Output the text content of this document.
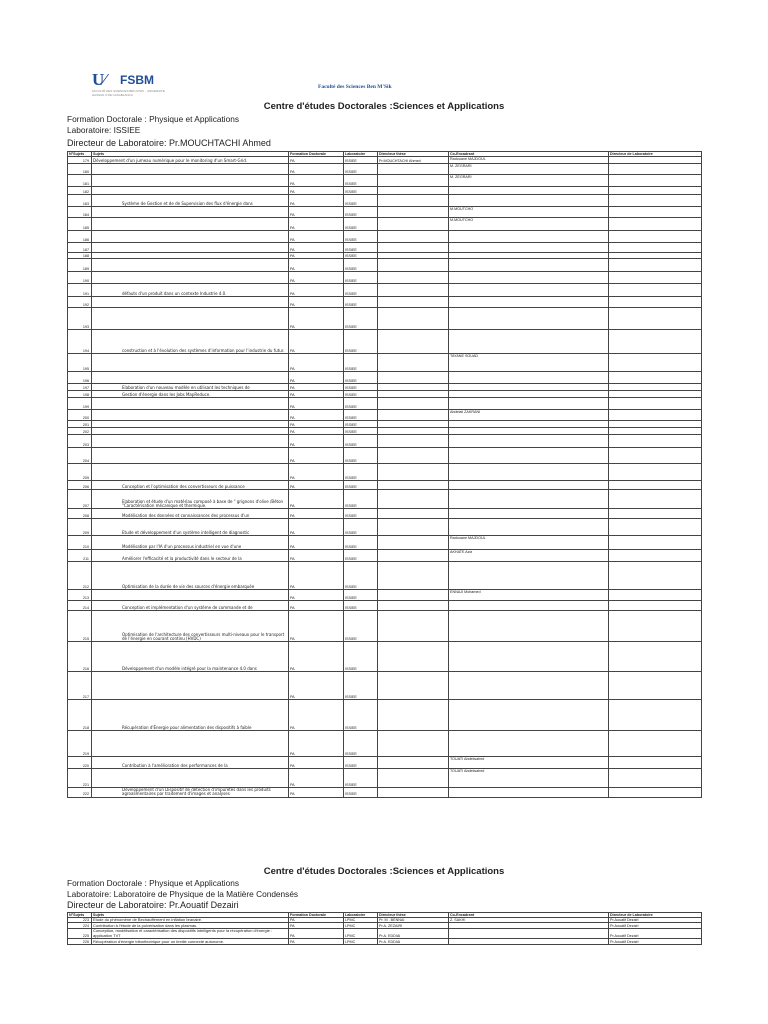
U⁄ FSBM
FACULTÉ DES SCIENCES BEN M'SIK · UNIVERSITÉ HASSAN II DE CASABLANCA
Faculté des Sciences Ben M'Sik
Centre d'études Doctorales :Sciences et Applications
Formation Doctorale : Physique et Applications
Laboratoire: ISSIEE
Directeur de Laboratoire: Pr.MOUCHTACHI Ahmed
N°Sujets	Sujets	Formation Doctorale	Laboratoire	Directeur thèse	Co-Encadrant	Directeur de Laboratoire
179	Développement d'un jumeau numérique pour le monitoring d'un Smart-Grid.	PA	ISSIEE	Pr.MOUCHTACHI Ahmed	Radouane MAJDOUL	
180		PA	ISSIEE		M. ZEGRARI	
181		PA	ISSIEE		M. ZEGRARI	
182		PA	ISSIEE			
183	Système de Gestion et de de Supervision des flux d'énergie dans	PA	ISSIEE			
184		PA	ISSIEE		M.MOUTCHO	
185		PA	ISSIEE		M.MOUTCHO	
186		PA	ISSIEE			
187		PA	ISSIEE			
188		PA	ISSIEE			
189		PA	ISSIEE			
190		PA	ISSIEE			
191	défauts d'un produit dans un contexte Industrie 4.0.	PA	ISSIEE			
192		PA	ISSIEE			
193		PA	ISSIEE			
194	construction et à l'évolution des systèmes d'information pour l'industrie du futur.	PA	ISSIEE			
195		PA	ISSIEE		TAYANE SOUAD	
196		PA	ISSIEE			
197	Elaboration d'un nouveau modèle en utilisant les techniques de	PA	ISSIEE			
198	Gestion d'énergie dans les Jobs MapReduce.	PA	ISSIEE			
199		PA	ISSIEE			
200		PA	ISSIEE		Abdelali ZAKRANI	
201		PA	ISSIEE			
202		PA	ISSIEE			
203		PA	ISSIEE			
204		PA	ISSIEE			
205		PA	ISSIEE			
206	Conception et l'optimisation des convertisseurs de puissance	PA	ISSIEE			
207	Elaboration et étude d'un matériau composé à base de " grignons d'olive /Béton "Caractérisation mécanique et thermique.	PA	ISSIEE			
208	Modélisation des données et connaissances des processus d'un	PA	ISSIEE			
209	Etude et développement d'un système intelligent de diagnostic	PA	ISSIEE			
210	Modélisation par l'IA d'un processus industriel en vue d'une	PA	ISSIEE		Radouane MAJDOUL	
211	Améliorer l'efficacité et la productivité dans le secteur de la	PA	ISSIEE		AKHATE Aziz	
212	Optimisation de la durée de vie des sources d'énergie embarquée	PA	ISSIEE			
213		PA	ISSIEE		ENNAJI Mohamed	
214	Conception et implémentation d'un système de commande et de	PA	ISSIEE			
215	Optimisation de l'architecture des convertisseurs multi-niveaux pour le transport de l'énergie en courant continu (HVDC)	PA	ISSIEE			
216	Développement d'un modèle intégré pour la maintenance 4.0 dans	PA	ISSIEE			
217		PA	ISSIEE			
218	Récupération d'Énergie pour alimentation des dispositifs à faible	PA	ISSIEE			
219		PA	ISSIEE			
220	Contribution à l'amélioration des performances de la	PA	ISSIEE		TOUATI Abdelwahed	
221		PA	ISSIEE		TOUATI Abdelwahed	
222	Développement d'un Dispositif de détection d'impuretés dans les produits agroalimentaires par traitement d'images et analyses	PA	ISSIEE			
Centre d'études Doctorales :Sciences et Applications
Formation Doctorale : Physique et Applications
Laboratoire: Laboratoire de Physique de la Matière Condensés
Directeur de Laboratoire: Pr.Aouatif Dezairi
N°Sujets	Sujets	Formation Doctorale	Laboratoire	Directeur thèse	Co-Encadrant	Directeur de Laboratoire
223	Etude du phénomène de Bechauffement en inflation branaire.	PA	LPMC	Pr. M . BENNAI	Z. SAKHI	Pr.Aouatif Dezairi
224	Contribution à l'étude de la pulvérisation dans les plasmas.	PA	LPMC	Pr.A. ZEZAIRI		Pr.Aouatif Dezairi
225	Conception, modélisation et caractérisation des dispositifs intelligents pour la récupération d'énergie : application TVT	PA	LPMC	Pr.A. EDDIAI		Pr.Aouatif Dezairi
226	Récupération d'énergie triboélectrique pour un textile connecté autonome.	PA	LPMC	Pr.A. EDDIAI		Pr.Aouatif Dezairi
